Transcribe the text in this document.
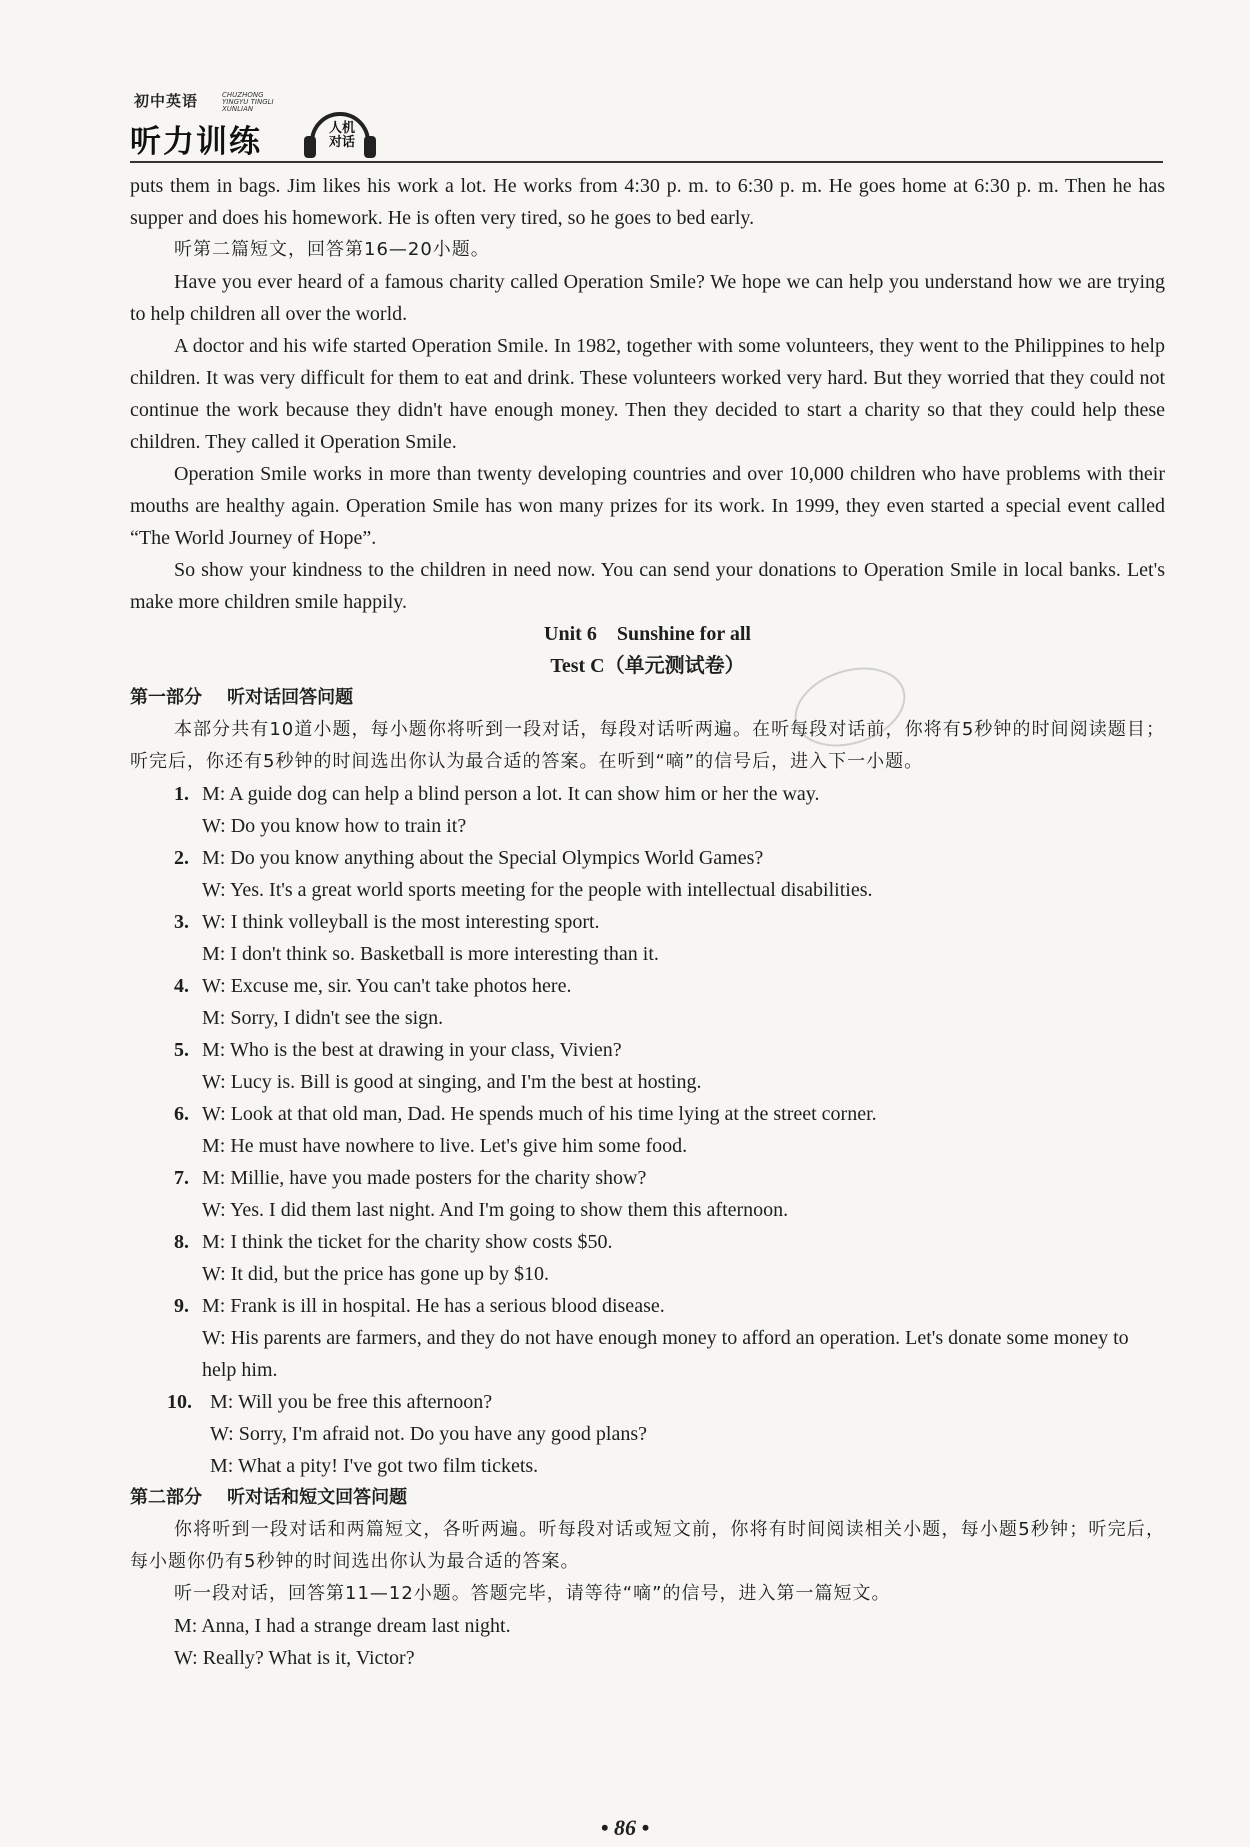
初中英语	CHUZHONG YINGYU TINGLI XUNLIAN
听力训练	人机对话

puts them in bags. Jim likes his work a lot. He works from 4:30 p. m. to 6:30 p. m. He goes home at 6:30 p. m. Then he has supper and does his homework. He is often very tired, so he goes to bed early.

听第二篇短文，回答第16—20小题。

Have you ever heard of a famous charity called Operation Smile? We hope we can help you understand how we are trying to help children all over the world.

A doctor and his wife started Operation Smile. In 1982, together with some volunteers, they went to the Philippines to help children. It was very difficult for them to eat and drink. These volunteers worked very hard. But they worried that they could not continue the work because they didn't have enough money. Then they decided to start a charity so that they could help these children. They called it Operation Smile.

Operation Smile works in more than twenty developing countries and over 10,000 children who have problems with their mouths are healthy again. Operation Smile has won many prizes for its work. In 1999, they even started a special event called “The World Journey of Hope”.

So show your kindness to the children in need now. You can send your donations to Operation Smile in local banks. Let's make more children smile happily.

Unit 6    Sunshine for all

Test C（单元测试卷）

第一部分    听对话回答问题

本部分共有10道小题，每小题你将听到一段对话，每段对话听两遍。在听每段对话前，你将有5秒钟的时间阅读题目；听完后，你还有5秒钟的时间选出你认为最合适的答案。在听到“嘀”的信号后，进入下一小题。

1. M: A guide dog can help a blind person a lot. It can show him or her the way.
W: Do you know how to train it?
2. M: Do you know anything about the Special Olympics World Games?
W: Yes. It's a great world sports meeting for the people with intellectual disabilities.
3. W: I think volleyball is the most interesting sport.
M: I don't think so. Basketball is more interesting than it.
4. W: Excuse me, sir. You can't take photos here.
M: Sorry, I didn't see the sign.
5. M: Who is the best at drawing in your class, Vivien?
W: Lucy is. Bill is good at singing, and I'm the best at hosting.
6. W: Look at that old man, Dad. He spends much of his time lying at the street corner.
M: He must have nowhere to live. Let's give him some food.
7. M: Millie, have you made posters for the charity show?
W: Yes. I did them last night. And I'm going to show them this afternoon.
8. M: I think the ticket for the charity show costs $50.
W: It did, but the price has gone up by $10.
9. M: Frank is ill in hospital. He has a serious blood disease.
W: His parents are farmers, and they do not have enough money to afford an operation. Let's donate some money to help him.
10. M: Will you be free this afternoon?
W: Sorry, I'm afraid not. Do you have any good plans?
M: What a pity! I've got two film tickets.

第二部分    听对话和短文回答问题

你将听到一段对话和两篇短文，各听两遍。听每段对话或短文前，你将有时间阅读相关小题，每小题5秒钟；听完后，每小题你仍有5秒钟的时间选出你认为最合适的答案。

听一段对话，回答第11—12小题。答题完毕，请等待“嘀”的信号，进入第一篇短文。

M: Anna, I had a strange dream last night.

W: Really? What is it, Victor?

• 86 •
